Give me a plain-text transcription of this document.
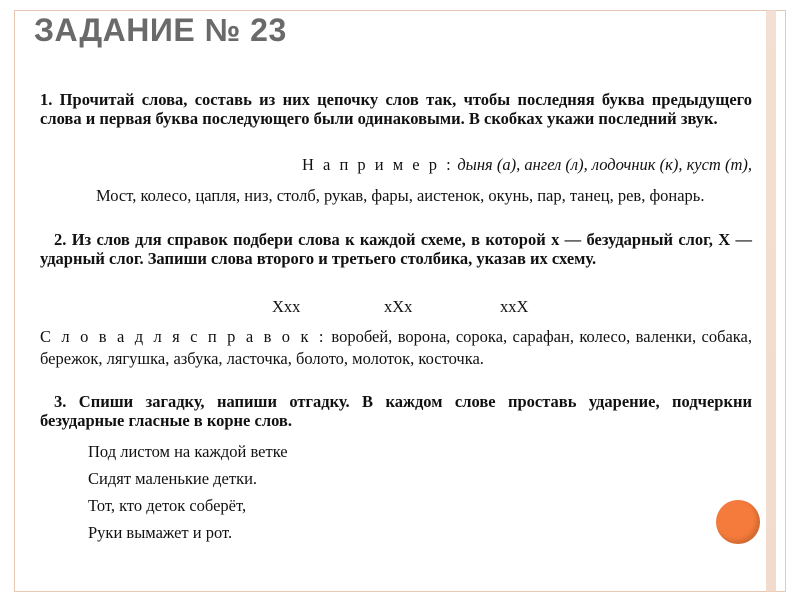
ЗАДАНИЕ № 23

1. Прочитай слова, составь из них цепочку слов так, чтобы последняя буква предыдущего слова и первая буква последующего были одинаковыми. В скобках укажи последний звук.

Н а п р и м е р : дыня (а), ангел (л), лодочник (к), куст (т),

Мост, колесо, цапля, низ, столб, рукав, фары, аистенок, окунь, пар, танец, рев, фонарь.

2. Из слов для справок подбери слова к каждой схеме, в которой х — безударный слог, Х — ударный слог. Запиши слова второго и третьего столбика, указав их схему.

Ххх	хХх	ххХ

С л о в а д л я с п р а в о к : воробей, ворона, сорока, сарафан, колесо, валенки, собака, бережок, лягушка, азбука, ласточка, болото, молоток, косточка.

3. Спиши загадку, напиши отгадку. В каждом слове проставь ударение, подчеркни безударные гласные в корне слов.

Под листом на каждой ветке
Сидят маленькие детки.
Тот, кто деток соберёт,
Руки вымажет и рот.
